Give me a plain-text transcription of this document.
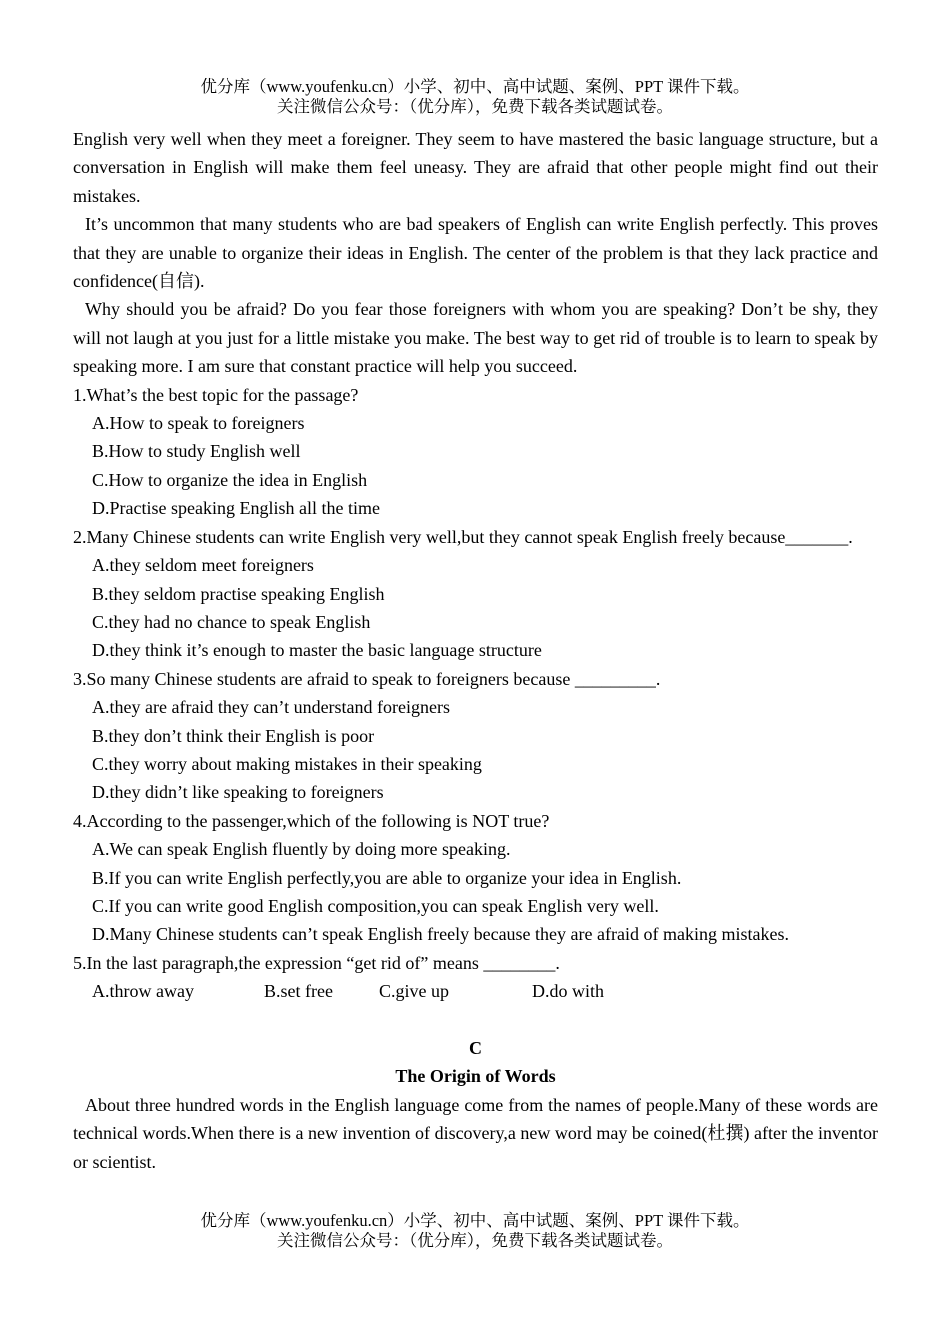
优分库（www.youfenku.cn）小学、初中、高中试题、案例、PPT 课件下载。
关注微信公众号：（优分库），免费下载各类试题试卷。

English very well when they meet a foreigner. They seem to have mastered the basic language structure, but a conversation in English will make them feel uneasy. They are afraid that other people might find out their mistakes.

It’s uncommon that many students who are bad speakers of English can write English perfectly. This proves that they are unable to organize their ideas in English. The center of the problem is that they lack practice and confidence(自信).

Why should you be afraid? Do you fear those foreigners with whom you are speaking? Don’t be shy, they will not laugh at you just for a little mistake you make. The best way to get rid of trouble is to learn to speak by speaking more. I am sure that constant practice will help you succeed.

1.What’s the best topic for the passage?

A.How to speak to foreigners

B.How to study English well

C.How to organize the idea in English

D.Practise speaking English all the time

2.Many Chinese students can write English very well,but they cannot speak English freely because_______.

A.they seldom meet foreigners

B.they seldom practise speaking English

C.they had no chance to speak English

D.they think it’s enough to master the basic language structure

3.So many Chinese students are afraid to speak to foreigners because _________.

A.they are afraid they can’t understand foreigners

B.they don’t think their English is poor

C.they worry about making mistakes in their speaking

D.they didn’t like speaking to foreigners

4.According to the passenger,which of the following is NOT true?

A.We can speak English fluently by doing more speaking.

B.If you can write English perfectly,you are able to organize your idea in English.

C.If you can write good English composition,you can speak English very well.

D.Many Chinese students can’t speak English freely because they are afraid of making mistakes.

5.In the last paragraph,the expression “get rid of” means ________.

A.throw away	B.set free	C.give up	D.do with

C

The Origin of Words

About three hundred words in the English language come from the names of people.Many of these words are technical words.When there is a new invention of discovery,a new word may be coined(杜撰) after the inventor or scientist.

优分库（www.youfenku.cn）小学、初中、高中试题、案例、PPT 课件下载。
关注微信公众号：（优分库），免费下载各类试题试卷。
